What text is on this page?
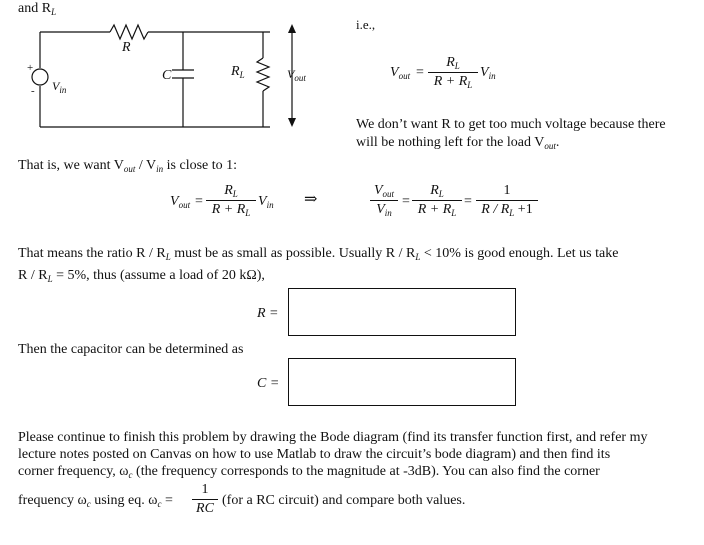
and $R_L$
R
C	$R_L$	$V_{out}$
+
- $V_{in}$
i.e.,
$V_{out} = \frac{R_L}{R + R_L} V_{in}$
We don’t want R to get too much voltage because there
will be nothing left for the load $V_{out}$.
That is, we want $V_{out} / V_{in}$ is close to 1:
$V_{out} = \frac{R_L}{R + R_L} V_{in}$ ⇒
$V_{out}$
$V_{in}$
= $\frac{R_L}{R + R_L} = \frac{1}{R / R_L +1}$
That means the ratio R / $R_L$ must be as small as possible. Usually $R / R_L < 10\%$ is good enough. Let us take
$R / R_L = 5\%$, thus (assume a load of 20 kΩ),
R =
Then the capacitor can be determined as
C =
Please continue to finish this problem by drawing the Bode diagram (find its transfer function first, and refer my
lecture notes posted on Canvas on how to use Matlab to draw the circuit’s bode diagram) and then find its
corner frequency, $\omega_c$ (the frequency corresponds to the magnitude at -3dB). You can also find the corner
frequency $\omega_c$ using eq. $\omega_c = \frac{1}{RC} (for$ a RC circuit) and compare both values.
